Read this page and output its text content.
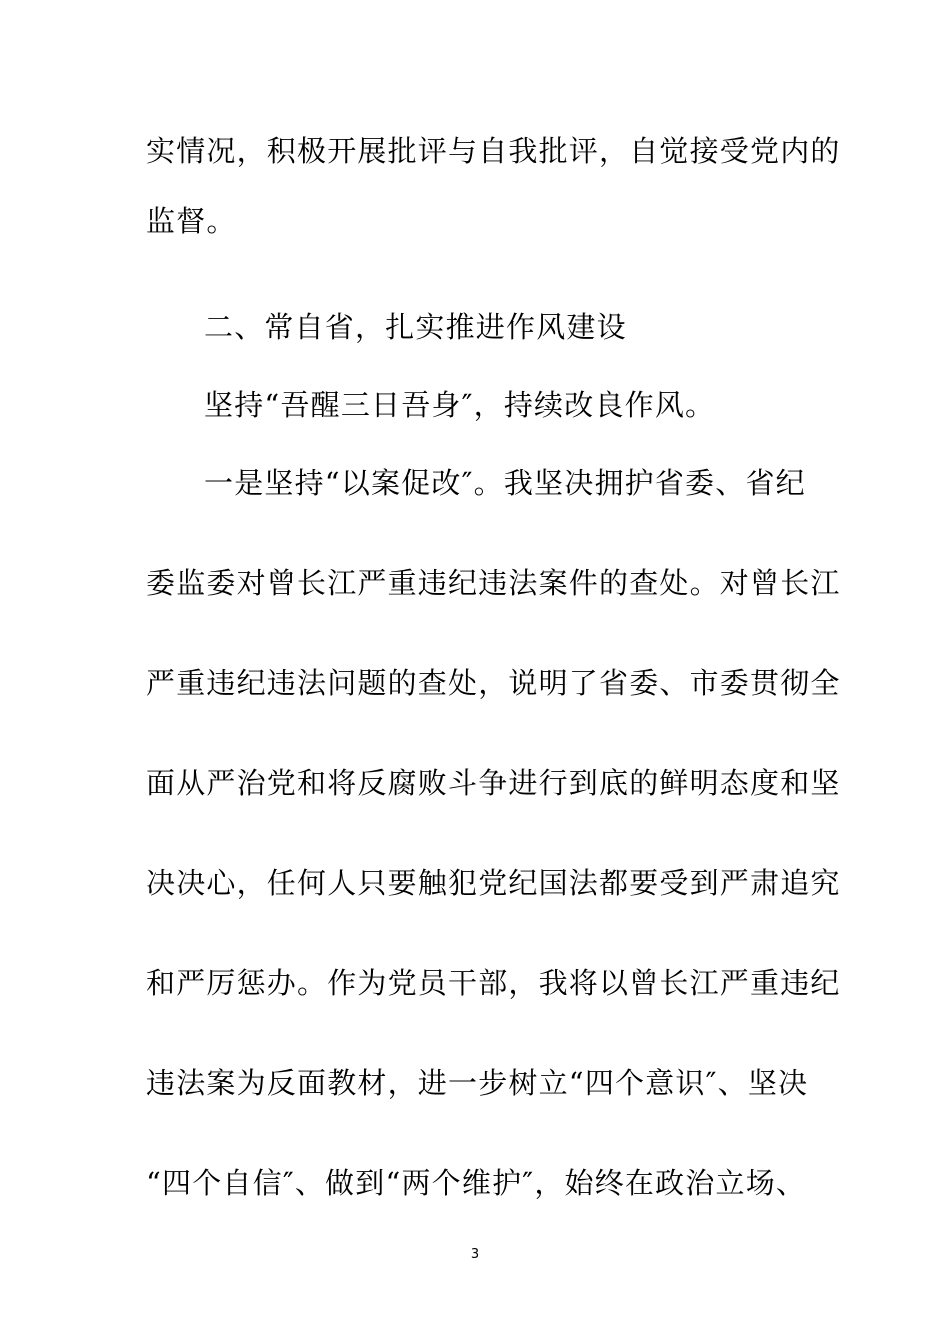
实情况，积极开展批评与自我批评，自觉接受党内的
监督。
二、常自省，扎实推进作风建设
坚持“吾醒三日吾身″，持续改良作风。
一是坚持“以案促改″。我坚决拥护省委、省纪
委监委对曾长江严重违纪违法案件的查处。对曾长江
严重违纪违法问题的查处，说明了省委、市委贯彻全
面从严治党和将反腐败斗争进行到底的鲜明态度和坚
决决心，任何人只要触犯党纪国法都要受到严肃追究
和严厉惩办。作为党员干部，我将以曾长江严重违纪
违法案为反面教材，进一步树立“四个意识″、坚决
“四个自信″、做到“两个维护″，始终在政治立场、
3
